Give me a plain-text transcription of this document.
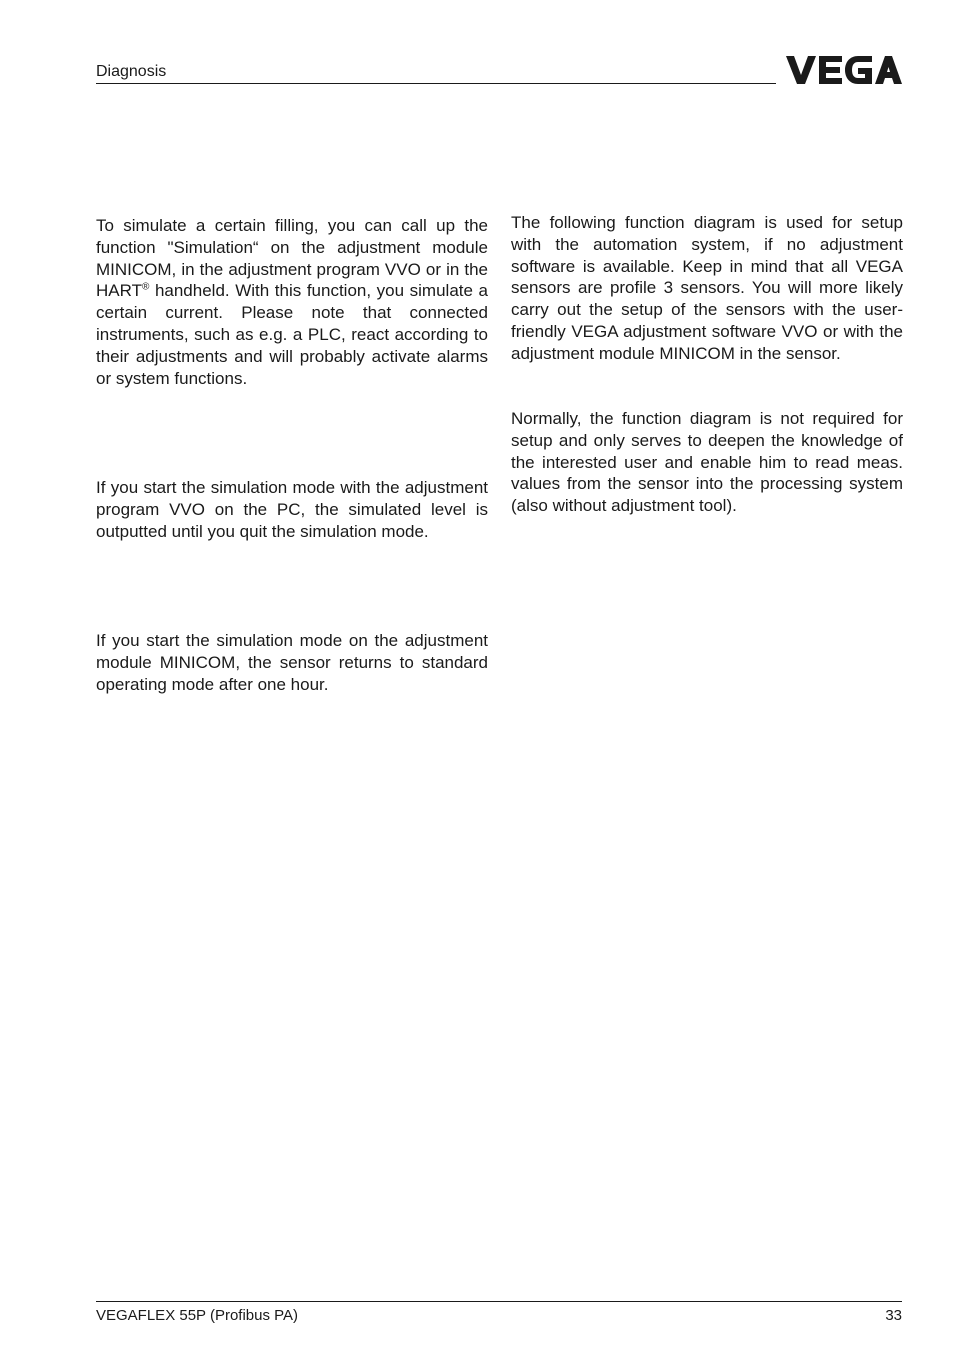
Diagnosis

To simulate a certain filling, you can call up the function "Simulation“ on the adjustment module MINICOM, in the adjustment program VVO or in the HART® handheld. With this function, you simulate a certain current. Please note that connected instruments, such as e.g. a PLC, react according to their adjustments and will probably activate alarms or system functions.

If you start the simulation mode with the adjustment program VVO on the PC, the simulated level is outputted until you quit the simulation mode.
If you start the simulation mode on the adjustment module MINICOM, the sensor returns to standard operating mode after one hour.
The following function diagram is used for setup with the automation system, if no adjustment software is available. Keep in mind that all VEGA sensors are profile 3 sensors. You will more likely carry out the setup of the sensors with the user-friendly VEGA adjustment software VVO or with the adjustment module MINICOM in the sensor.
Normally, the function diagram is not required for setup and only serves to deepen the knowledge of the interested user and enable him to read meas. values from the sensor into the processing system (also without adjustment tool).
VEGAFLEX 55P (Profibus PA)	33
